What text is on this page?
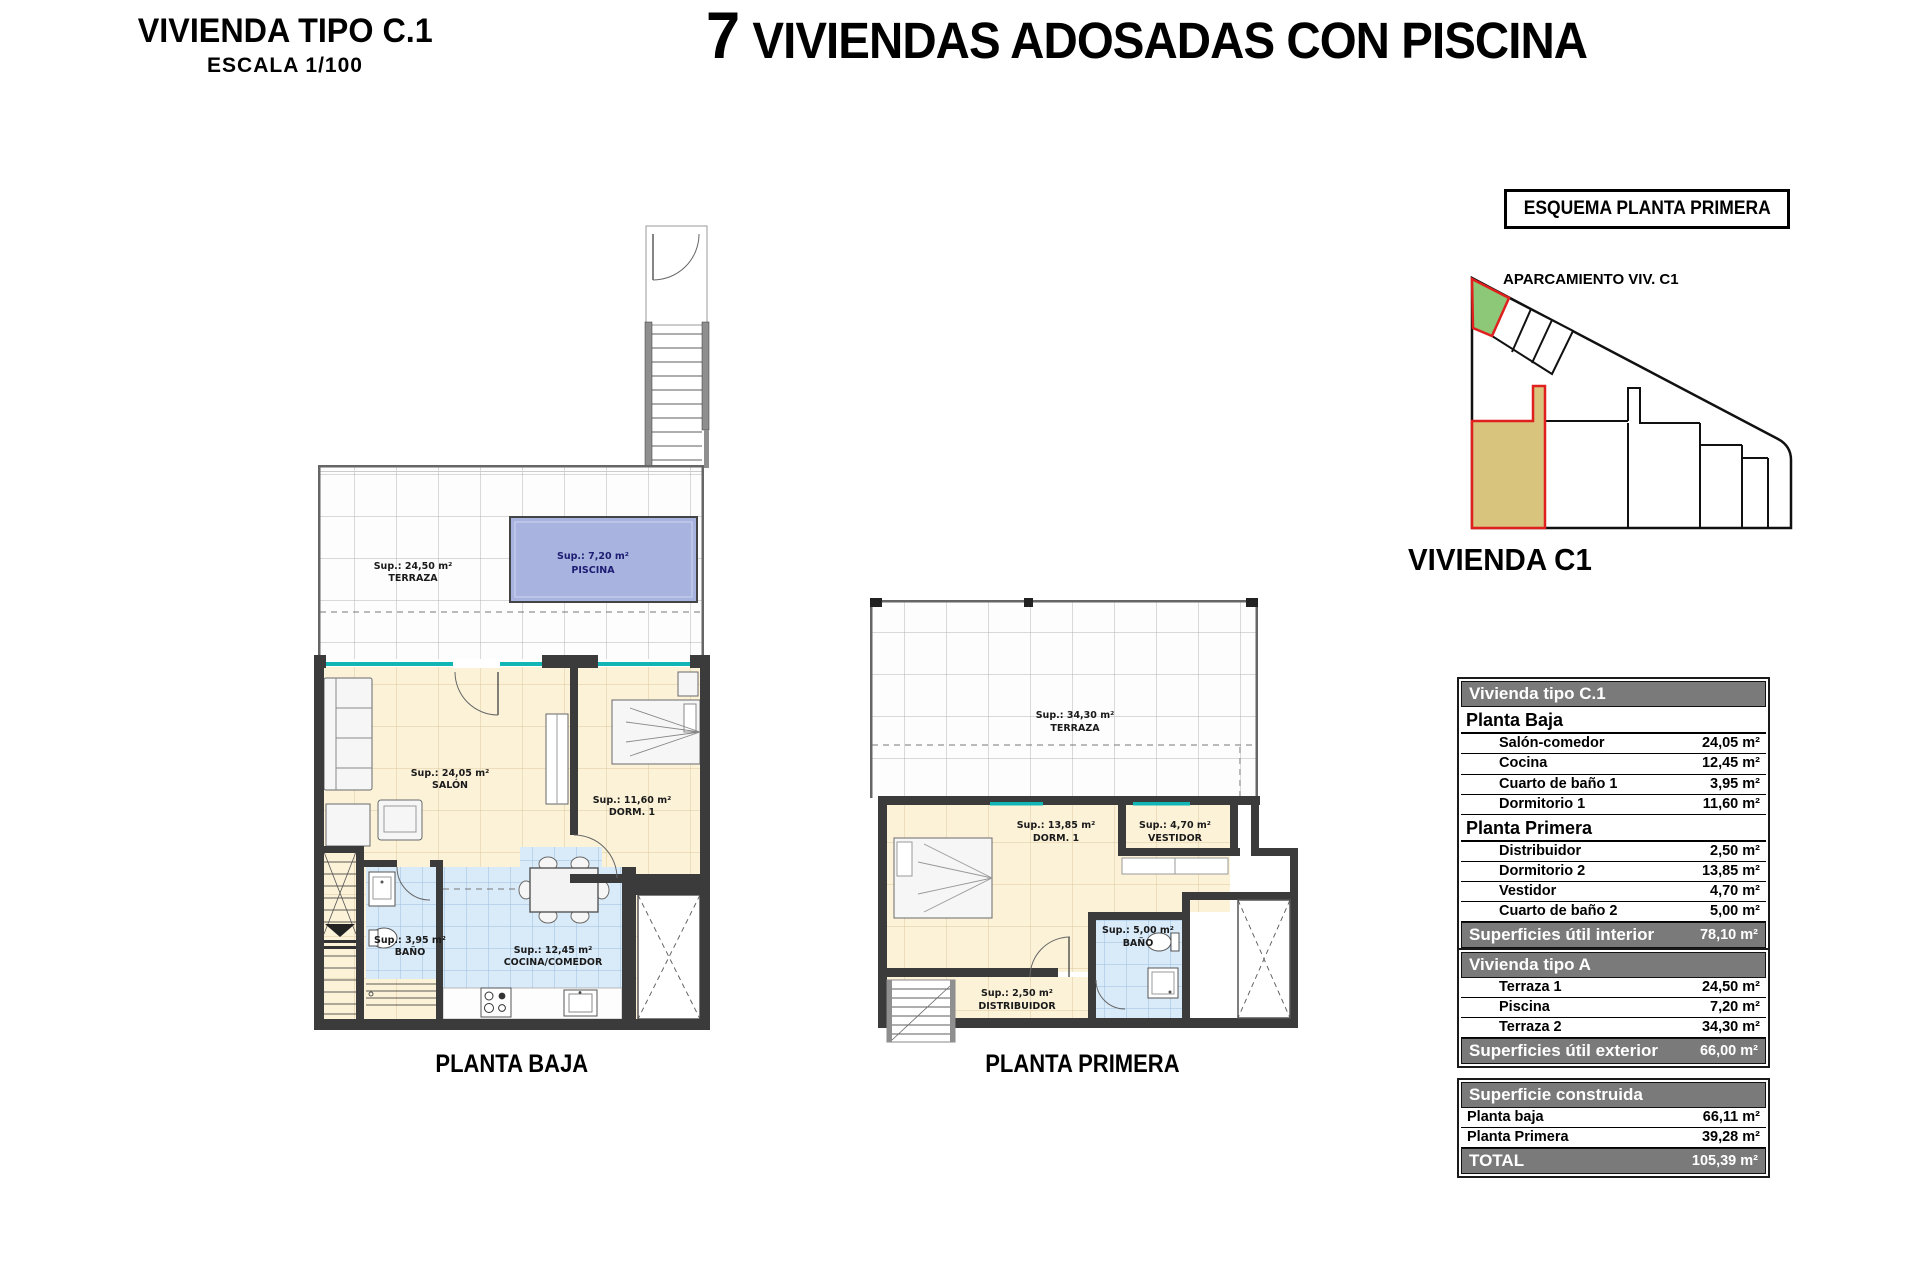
VIVIENDA TIPO C.1
ESCALA 1/100	7 VIVIENDAS ADOSADAS CON PISCINA
ESQUEMA PLANTA PRIMERA
APARCAMIENTO VIV. C1
VIVIENDA C1
Sup.: 24,50 m²
TERRAZA
Sup.: 7,20 m²
PISCINA
Sup.: 24,05 m²
SALÓN
Sup.: 11,60 m²
DORM. 1
Sup.: 3,95 m²
BAÑO	Sup.: 12,45 m²
COCINA/COMEDOR
PLANTA BAJA
Sup.: 34,30 m²
TERRAZA
Sup.: 13,85 m²
DORM. 1
Sup.: 4,70 m²
VESTIDOR
Sup.: 5,00 m²
BAÑO
Sup.: 2,50 m²
DISTRIBUIDOR
PLANTA PRIMERA
Vivienda tipo C.1
Planta Baja
Salón-comedor	24,05 m²
Cocina	12,45 m²
Cuarto de baño 1	3,95 m²
Dormitorio 1	11,60 m²
Planta Primera
Distribuidor	2,50 m²
Dormitorio 2	13,85 m²
Vestidor	4,70 m²
Cuarto de baño 2	5,00 m²
Superficies útil interior	78,10 m²
Vivienda tipo A
Terraza 1	24,50 m²
Piscina	7,20 m²
Terraza 2	34,30 m²
Superficies útil exterior	66,00 m²
Superficie construida
Planta baja	66,11 m²
Planta Primera	39,28 m²
TOTAL	105,39 m²
